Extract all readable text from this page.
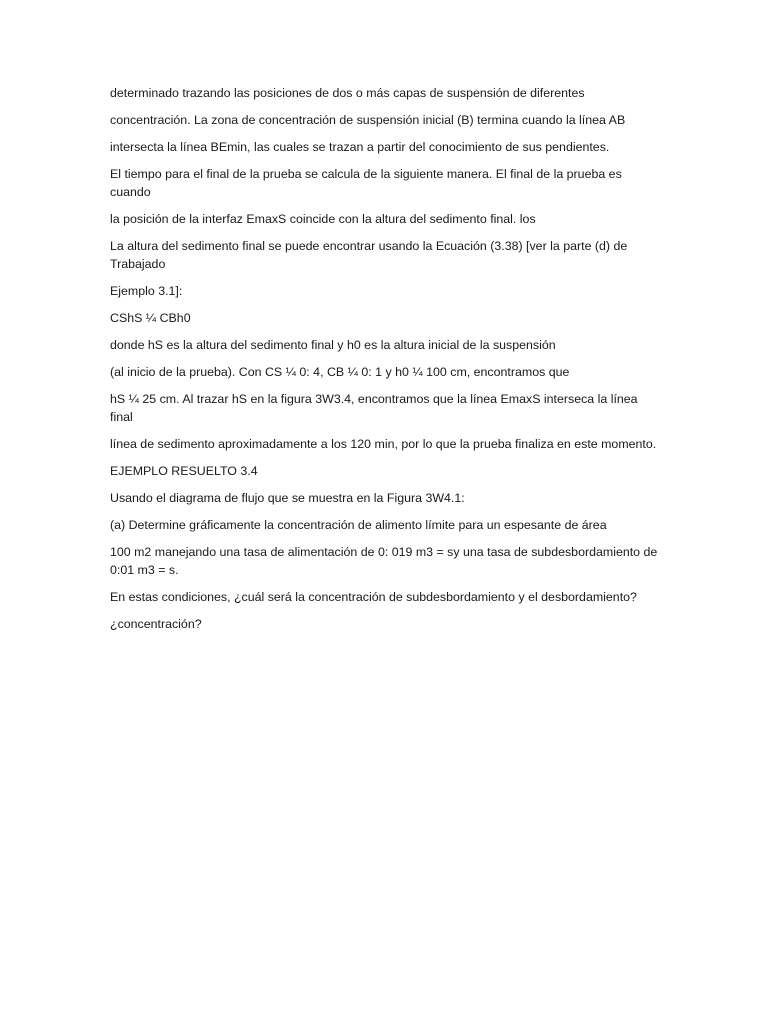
determinado trazando las posiciones de dos o más capas de suspensión de diferentes

concentración. La zona de concentración de suspensión inicial (B) termina cuando la línea AB

intersecta la línea BEmin, las cuales se trazan a partir del conocimiento de sus pendientes.

El tiempo para el final de la prueba se calcula de la siguiente manera. El final de la prueba es cuando

la posición de la interfaz EmaxS coincide con la altura del sedimento final. los

La altura del sedimento final se puede encontrar usando la Ecuación (3.38) [ver la parte (d) de Trabajado

Ejemplo 3.1]:

CShS ¼ CBh0

donde hS es la altura del sedimento final y h0 es la altura inicial de la suspensión

(al inicio de la prueba). Con CS ¼ 0: 4, CB ¼ 0: 1 y h0 ¼ 100 cm, encontramos que

hS ¼ 25 cm. Al trazar hS en la figura 3W3.4, encontramos que la línea EmaxS interseca la línea final

línea de sedimento aproximadamente a los 120 min, por lo que la prueba finaliza en este momento.

EJEMPLO RESUELTO 3.4

Usando el diagrama de flujo que se muestra en la Figura 3W4.1:

(a) Determine gráficamente la concentración de alimento límite para un espesante de área

100 m2 manejando una tasa de alimentación de 0: 019 m3 = sy una tasa de subdesbordamiento de 0:01 m3 = s.

En estas condiciones, ¿cuál será la concentración de subdesbordamiento y el desbordamiento?

¿concentración?
